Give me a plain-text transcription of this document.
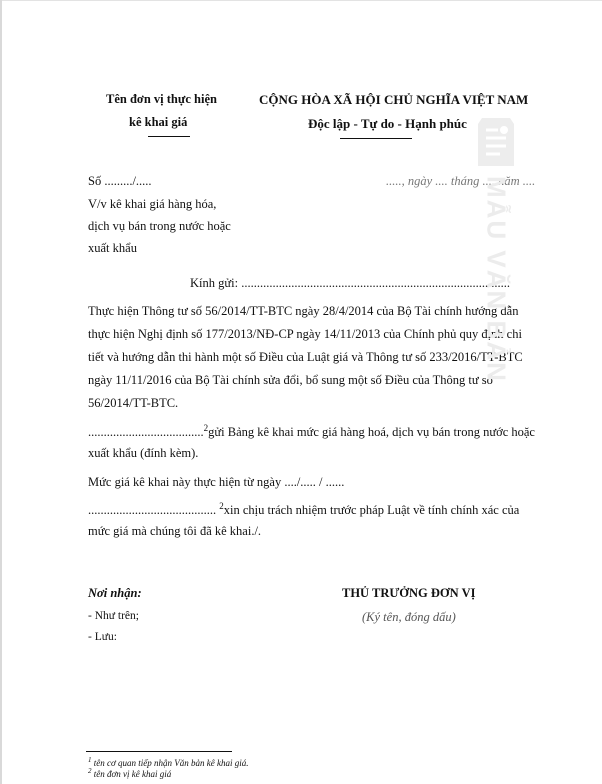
Tên đơn vị thực hiện
kê khai giá
CỘNG HÒA XÃ HỘI CHỦ NGHĨA VIỆT NAM
Độc lập - Tự do - Hạnh phúc
Số ........./.....	....., ngày .... tháng .... năm ....
V/v kê khai giá hàng hóa,
dịch vụ bán trong nước hoặc
xuất khẩu
Kính gửi: ......................................................................................
Thực hiện Thông tư số 56/2014/TT-BTC ngày 28/4/2014 của Bộ Tài chính hướng dẫn
thực hiện Nghị định số 177/2013/NĐ-CP ngày 14/11/2013 của Chính phủ quy định chi
tiết và hướng dẫn thi hành một số Điều của Luật giá và Thông tư số 233/2016/TT-BTC
ngày 11/11/2016 của Bộ Tài chính sửa đổi, bổ sung một số Điều của Thông tư số
56/2014/TT-BTC.
.....................................$^2$gửi Bảng kê khai mức giá hàng hoá, dịch vụ bán trong nước hoặc
xuất khẩu (đính kèm).
Mức giá kê khai này thực hiện từ ngày ..../..... / ......
......................................... $^2$xin chịu trách nhiệm trước pháp Luật về tính chính xác của
mức giá mà chúng tôi đã kê khai./.
Nơi nhận:
- Như trên;
- Lưu:
THỦ TRƯỞNG ĐƠN VỊ
(Ký tên, đóng dấu)
$^1$ tên cơ quan tiếp nhận Văn bản kê khai giá.
$^2$ tên đơn vị kê khai giá
MẪU VĂN BẢN
